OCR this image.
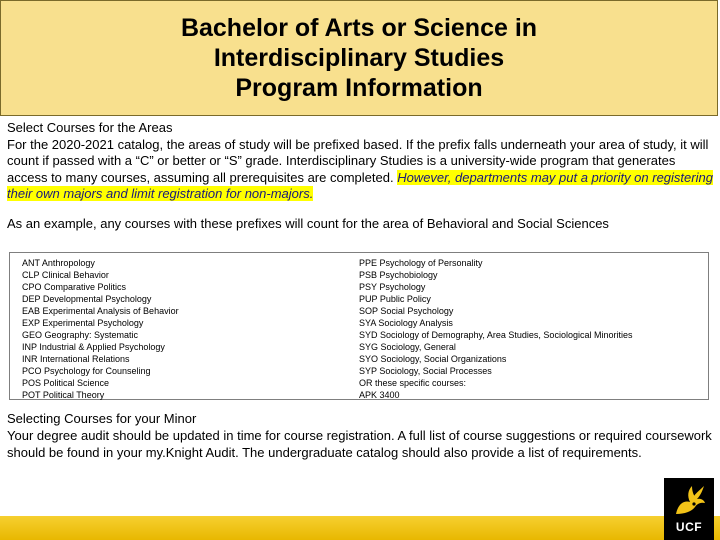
Bachelor of Arts or Science in
Interdisciplinary Studies
Program Information

Select Courses for the Areas

For the 2020-2021 catalog, the areas of study will be prefixed based. If the prefix falls underneath your area of study, it will count if passed with a “C” or better or “S” grade. Interdisciplinary Studies is a university-wide program that generates access to many courses, assuming all prerequisites are completed. However, departments may put a priority on registering their own majors and limit registration for non-majors.

As an example, any courses with these prefixes will count for the area of Behavioral and Social Sciences

ANT Anthropology
CLP Clinical Behavior
CPO Comparative Politics
DEP Developmental Psychology
EAB Experimental Analysis of Behavior
EXP Experimental Psychology
GEO Geography: Systematic
INP Industrial & Applied Psychology
INR International Relations
PCO Psychology for Counseling
POS Political Science
POT Political Theory
PPE Psychology of Personality
PSB Psychobiology
PSY Psychology
PUP Public Policy
SOP Social Psychology
SYA Sociology Analysis
SYD Sociology of Demography, Area Studies, Sociological Minorities
SYG Sociology, General
SYO Sociology, Social Organizations
SYP Sociology, Social Processes
OR these specific courses:
APK 3400

Selecting Courses for your Minor

Your degree audit should be updated in time for course registration. A full list of course suggestions or required coursework should be found in your my.Knight Audit. The undergraduate catalog should also provide a list of requirements.

UCF
